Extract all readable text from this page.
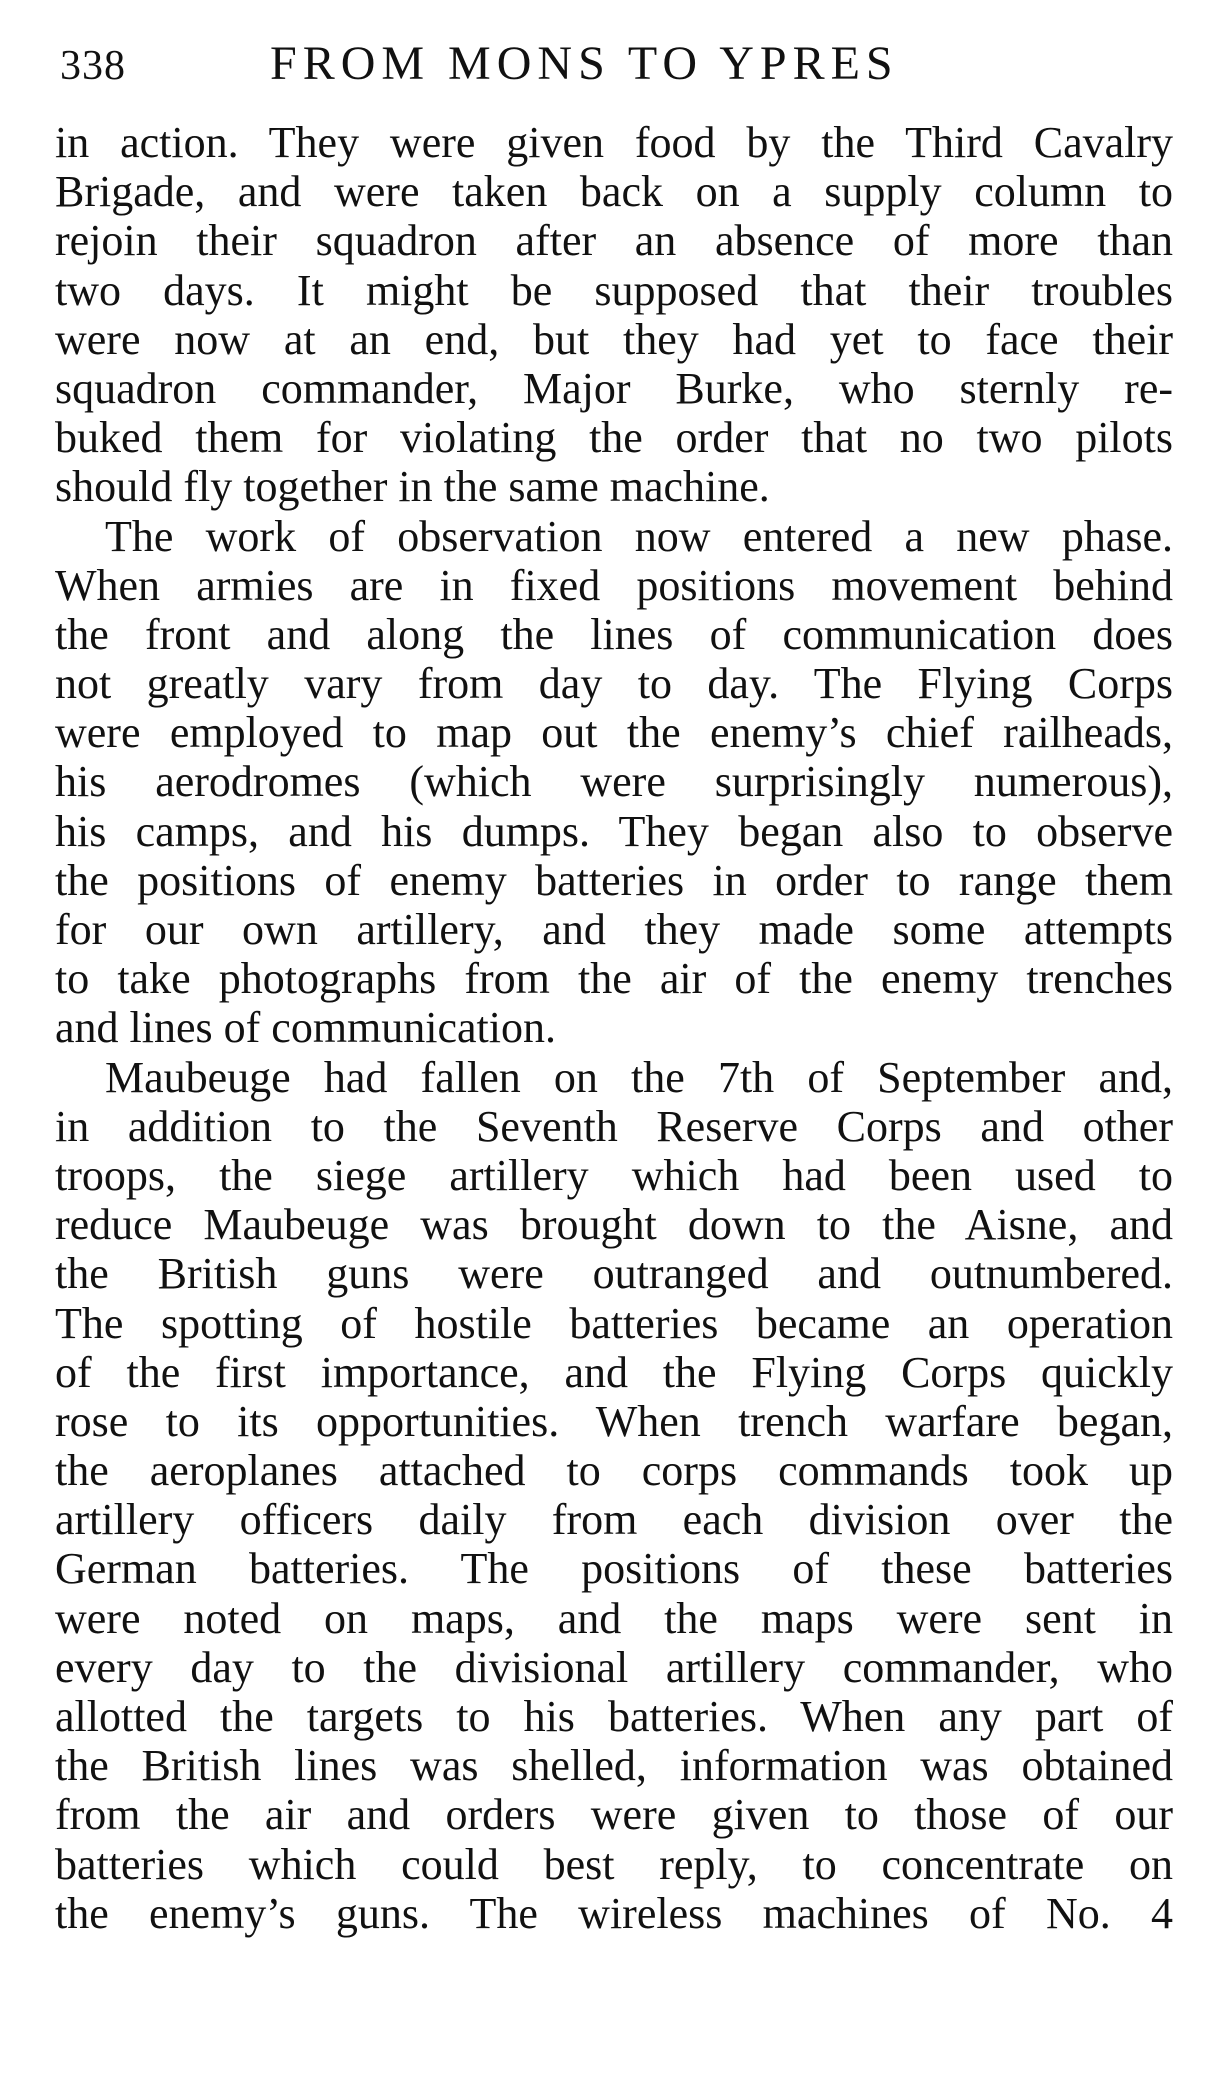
338	FROM MONS TO YPRES
in action. They were given food by the Third Cavalry
Brigade, and were taken back on a supply column to
rejoin their squadron after an absence of more than
two days. It might be supposed that their troubles
were now at an end, but they had yet to face their
squadron commander, Major Burke, who sternly re-
buked them for violating the order that no two pilots
should fly together in the same machine.
The work of observation now entered a new phase.
When armies are in fixed positions movement behind
the front and along the lines of communication does
not greatly vary from day to day. The Flying Corps
were employed to map out the enemy’s chief railheads,
his aerodromes (which were surprisingly numerous),
his camps, and his dumps. They began also to observe
the positions of enemy batteries in order to range them
for our own artillery, and they made some attempts
to take photographs from the air of the enemy trenches
and lines of communication.
Maubeuge had fallen on the 7th of September and,
in addition to the Seventh Reserve Corps and other
troops, the siege artillery which had been used to
reduce Maubeuge was brought down to the Aisne, and
the British guns were outranged and outnumbered.
The spotting of hostile batteries became an operation
of the first importance, and the Flying Corps quickly
rose to its opportunities. When trench warfare began,
the aeroplanes attached to corps commands took up
artillery officers daily from each division over the
German batteries. The positions of these batteries
were noted on maps, and the maps were sent in
every day to the divisional artillery commander, who
allotted the targets to his batteries. When any part of
the British lines was shelled, information was obtained
from the air and orders were given to those of our
batteries which could best reply, to concentrate on
the enemy’s guns. The wireless machines of No. 4
